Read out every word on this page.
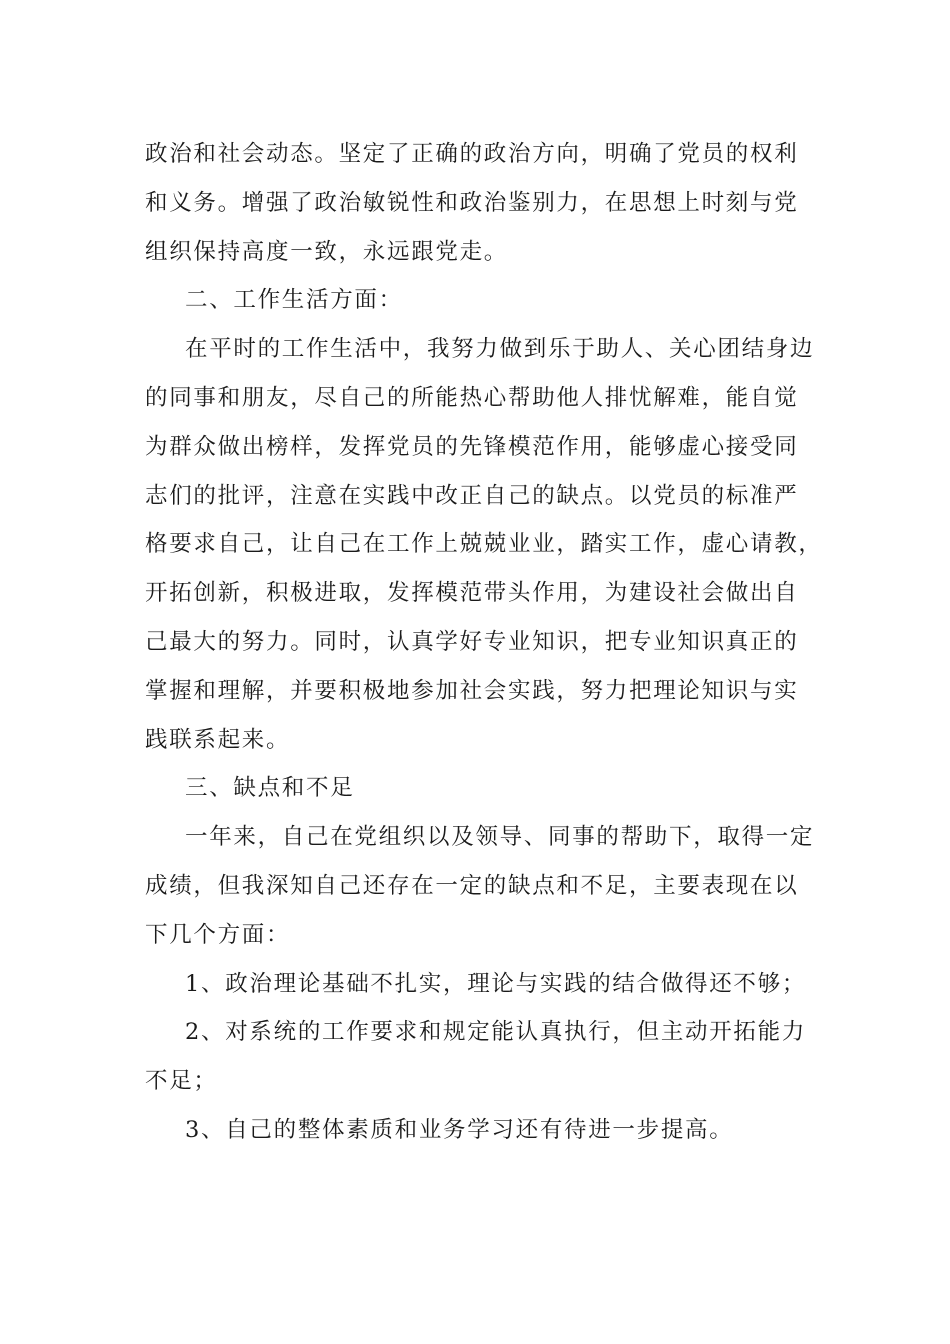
政治和社会动态。坚定了正确的政治方向，明确了党员的权利
和义务。增强了政治敏锐性和政治鉴别力，在思想上时刻与党
组织保持高度一致，永远跟党走。
二、工作生活方面：
在平时的工作生活中，我努力做到乐于助人、关心团结身边
的同事和朋友，尽自己的所能热心帮助他人排忧解难，能自觉
为群众做出榜样，发挥党员的先锋模范作用，能够虚心接受同
志们的批评，注意在实践中改正自己的缺点。以党员的标准严
格要求自己，让自己在工作上兢兢业业，踏实工作，虚心请教，
开拓创新，积极进取，发挥模范带头作用，为建设社会做出自
己最大的努力。同时，认真学好专业知识，把专业知识真正的
掌握和理解，并要积极地参加社会实践，努力把理论知识与实
践联系起来。
三、缺点和不足
一年来，自己在党组织以及领导、同事的帮助下，取得一定
成绩，但我深知自己还存在一定的缺点和不足，主要表现在以
下几个方面：
1、政治理论基础不扎实，理论与实践的结合做得还不够；
2、对系统的工作要求和规定能认真执行，但主动开拓能力
不足；
3、自己的整体素质和业务学习还有待进一步提高。
